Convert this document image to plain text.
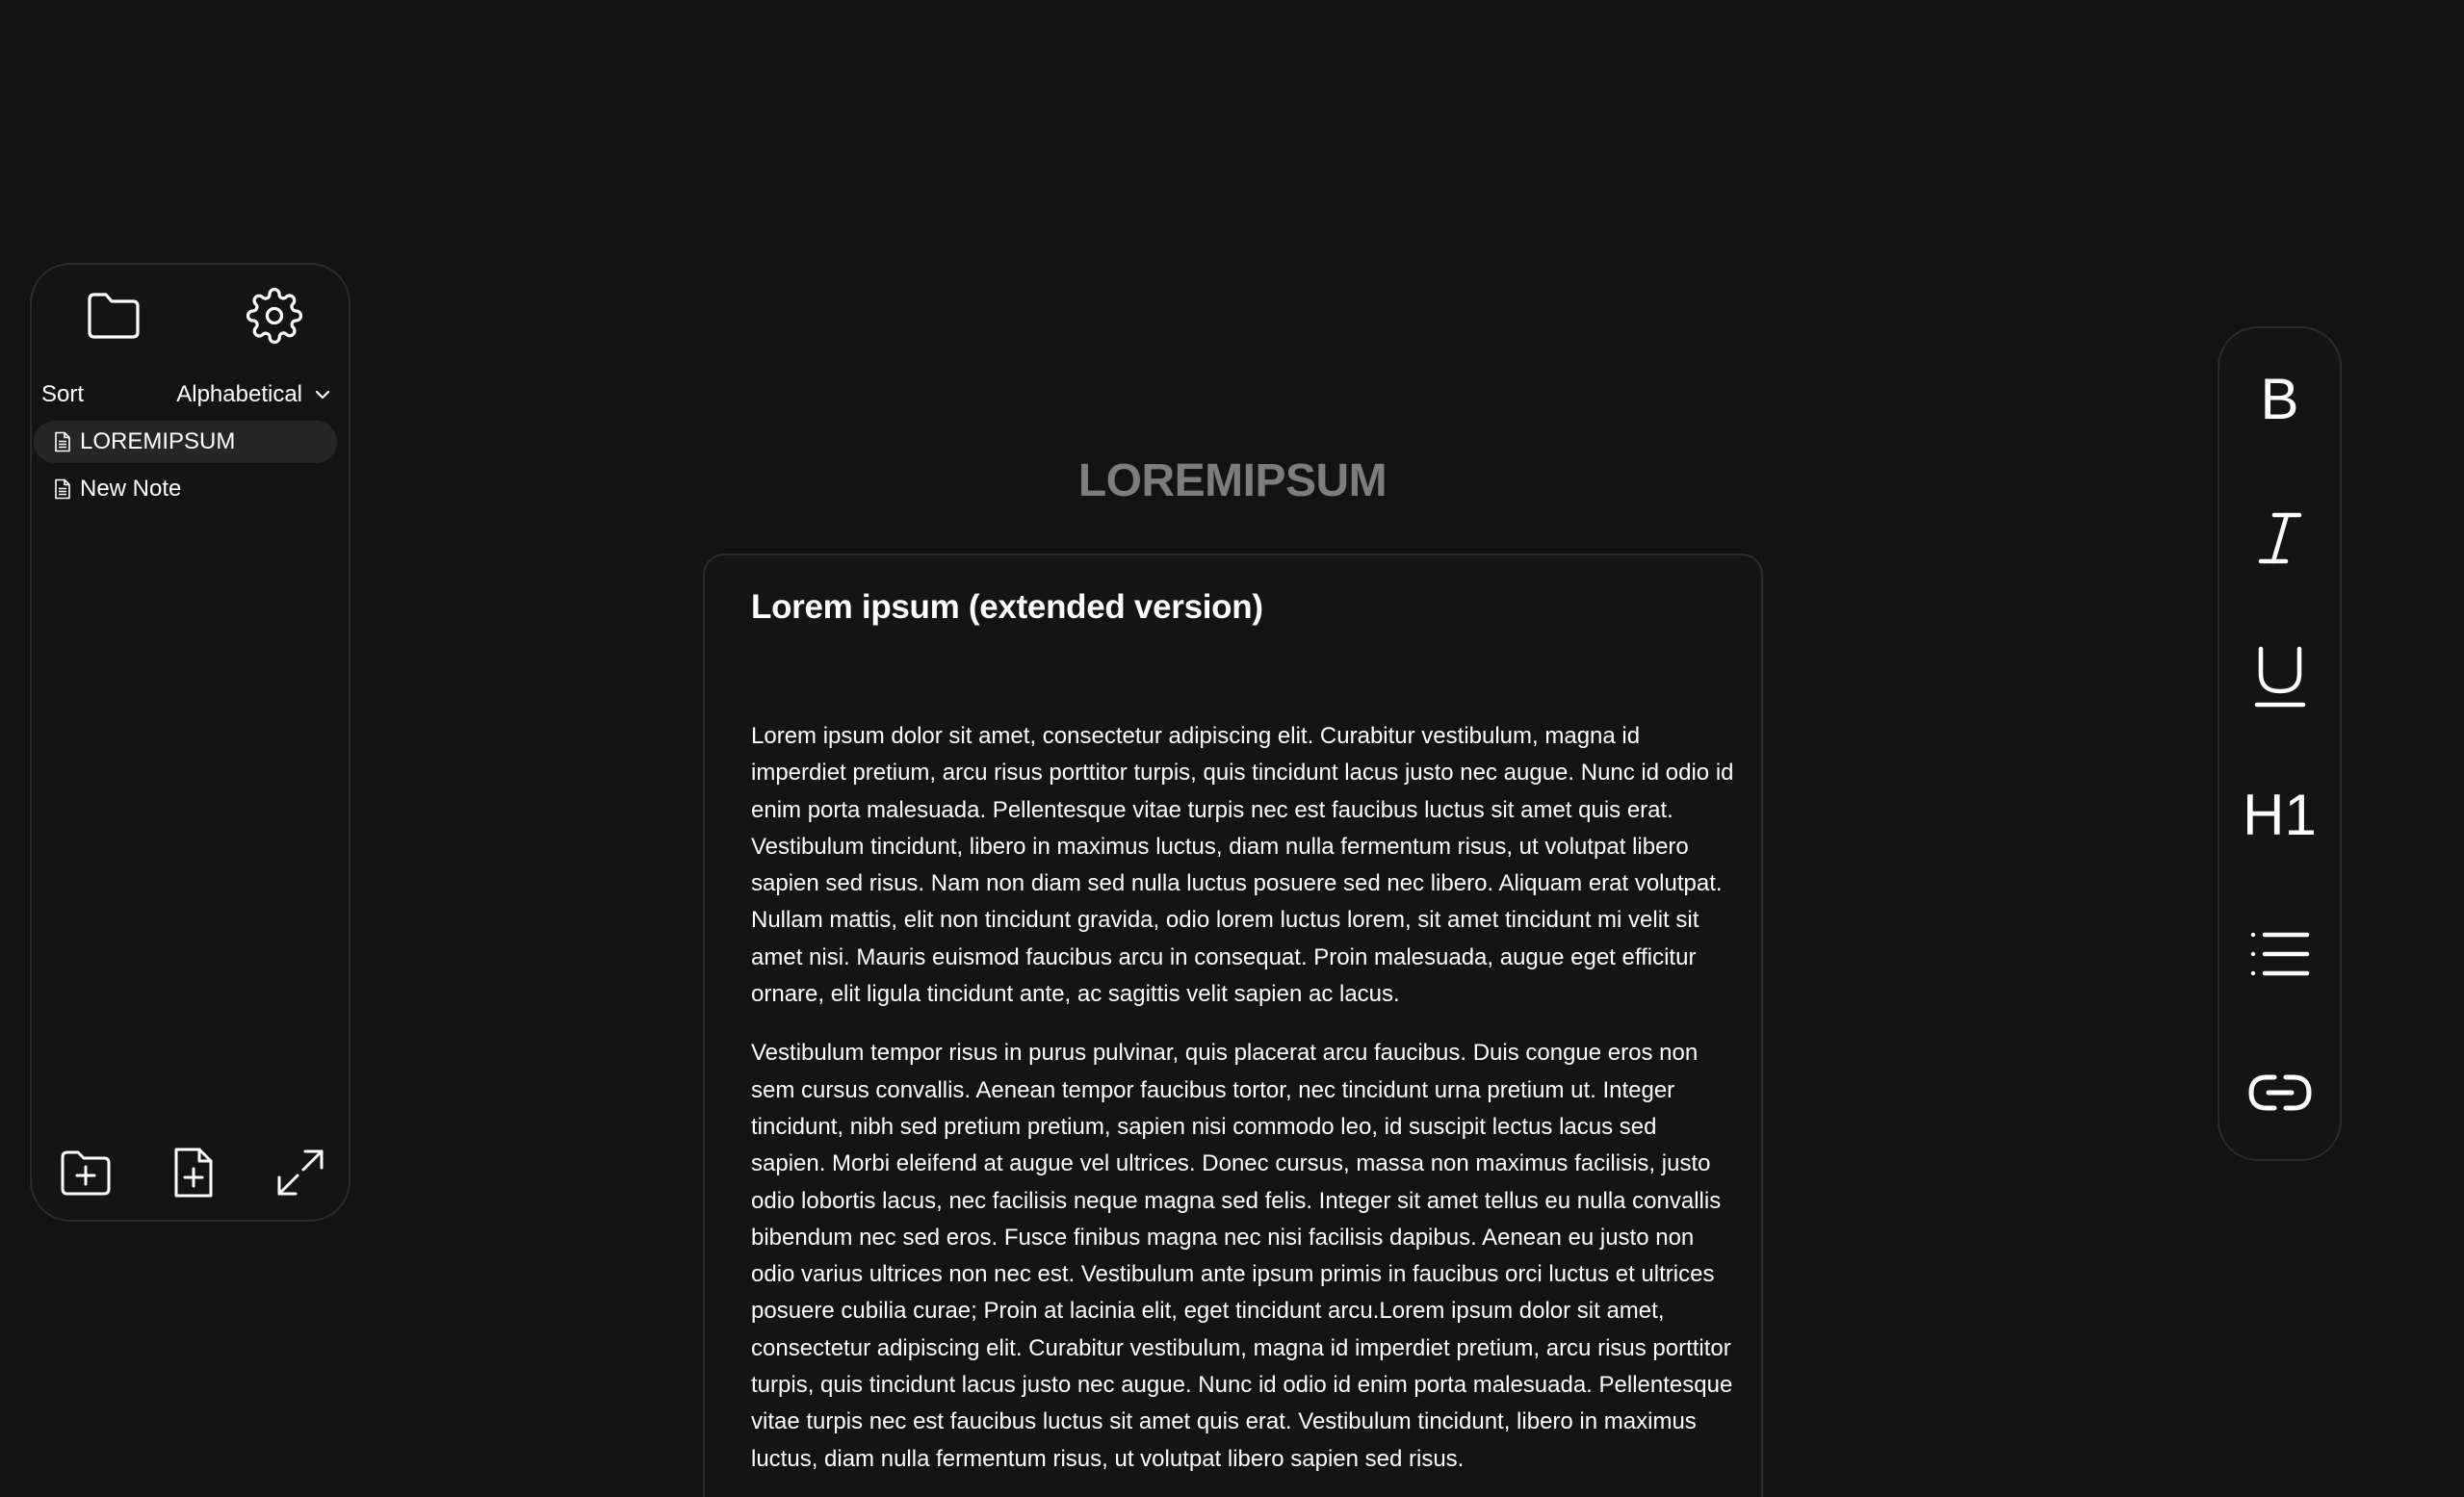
Sort	Alphabetical
LOREMIPSUM
New Note	LOREMIPSUM
Lorem ipsum (extended version)

Lorem ipsum dolor sit amet, consectetur adipiscing elit. Curabitur vestibulum, magna id imperdiet pretium, arcu risus porttitor turpis, quis tincidunt lacus justo nec augue. Nunc id odio id enim porta malesuada. Pellentesque vitae turpis nec est faucibus luctus sit amet quis erat. Vestibulum tincidunt, libero in maximus luctus, diam nulla fermentum risus, ut volutpat libero sapien sed risus. Nam non diam sed nulla luctus posuere sed nec libero. Aliquam erat volutpat. Nullam mattis, elit non tincidunt gravida, odio lorem luctus lorem, sit amet tincidunt mi velit sit amet nisi. Mauris euismod faucibus arcu in consequat. Proin malesuada, augue eget efficitur ornare, elit ligula tincidunt ante, ac sagittis velit sapien ac lacus.

Vestibulum tempor risus in purus pulvinar, quis placerat arcu faucibus. Duis congue eros non sem cursus convallis. Aenean tempor faucibus tortor, nec tincidunt urna pretium ut. Integer tincidunt, nibh sed pretium pretium, sapien nisi commodo leo, id suscipit lectus lacus sed sapien. Morbi eleifend at augue vel ultrices. Donec cursus, massa non maximus facilisis, justo odio lobortis lacus, nec facilisis neque magna sed felis. Integer sit amet tellus eu nulla convallis bibendum nec sed eros. Fusce finibus magna nec nisi facilisis dapibus. Aenean eu justo non odio varius ultrices non nec est. Vestibulum ante ipsum primis in faucibus orci luctus et ultrices posuere cubilia curae; Proin at lacinia elit, eget tincidunt arcu.Lorem ipsum dolor sit amet, consectetur adipiscing elit. Curabitur vestibulum, magna id imperdiet pretium, arcu risus porttitor turpis, quis tincidunt lacus justo nec augue. Nunc id odio id enim porta malesuada. Pellentesque vitae turpis nec est faucibus luctus sit amet quis erat. Vestibulum tincidunt, libero in maximus luctus, diam nulla fermentum risus, ut volutpat libero sapien sed risus.

B
H1
